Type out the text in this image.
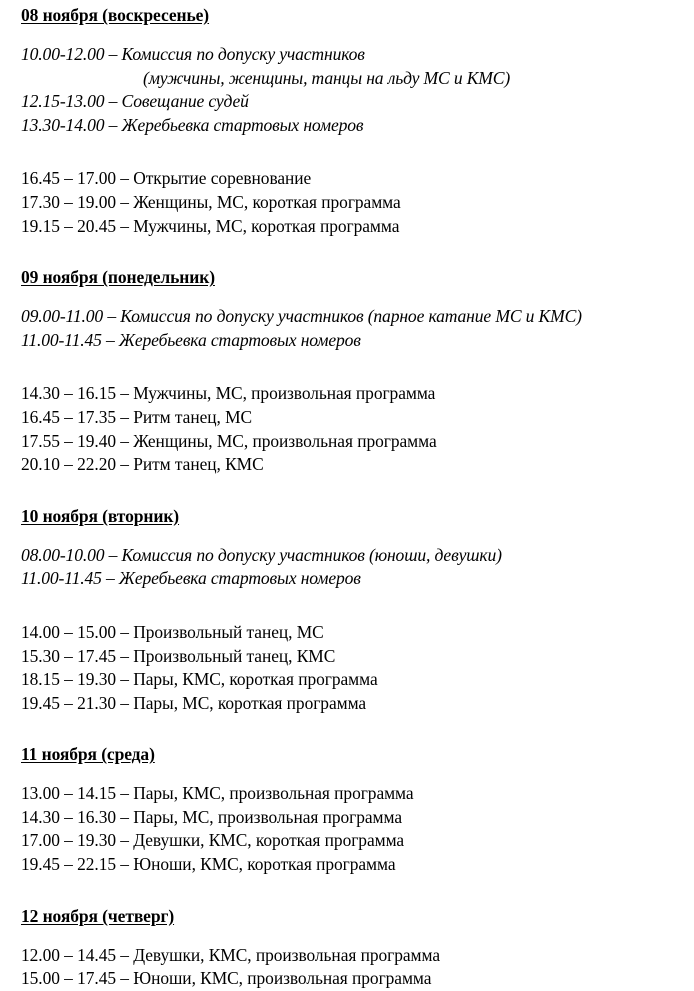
08 ноября (воскресенье)
10.00-12.00 – Комиссия по допуску участников
(мужчины, женщины, танцы на льду МС и КМС)
12.15-13.00 – Совещание судей
13.30-14.00 – Жеребьевка стартовых номеров
16.45 – 17.00 – Открытие соревнование
17.30 – 19.00 – Женщины, МС, короткая программа
19.15 – 20.45 – Мужчины, МС, короткая программа
09 ноября (понедельник)
09.00-11.00 – Комиссия по допуску участников (парное катание МС и КМС)
11.00-11.45 – Жеребьевка стартовых номеров
14.30 – 16.15 – Мужчины, МС, произвольная программа
16.45 – 17.35 – Ритм танец, МС
17.55 – 19.40 – Женщины, МС, произвольная программа
20.10 – 22.20 – Ритм танец, КМС
10 ноября (вторник)
08.00-10.00 – Комиссия по допуску участников (юноши, девушки)
11.00-11.45 – Жеребьевка стартовых номеров
14.00 – 15.00 – Произвольный танец, МС
15.30 – 17.45 – Произвольный танец, КМС
18.15 – 19.30 – Пары, КМС, короткая программа
19.45 – 21.30 – Пары, МС, короткая программа
11 ноября (среда)
13.00 – 14.15 – Пары, КМС, произвольная программа
14.30 – 16.30 – Пары, МС, произвольная программа
17.00 – 19.30 – Девушки, КМС, короткая программа
19.45 – 22.15 – Юноши, КМС, короткая программа
12 ноября (четверг)
12.00 – 14.45 – Девушки, КМС, произвольная программа
15.00 – 17.45 – Юноши, КМС, произвольная программа
